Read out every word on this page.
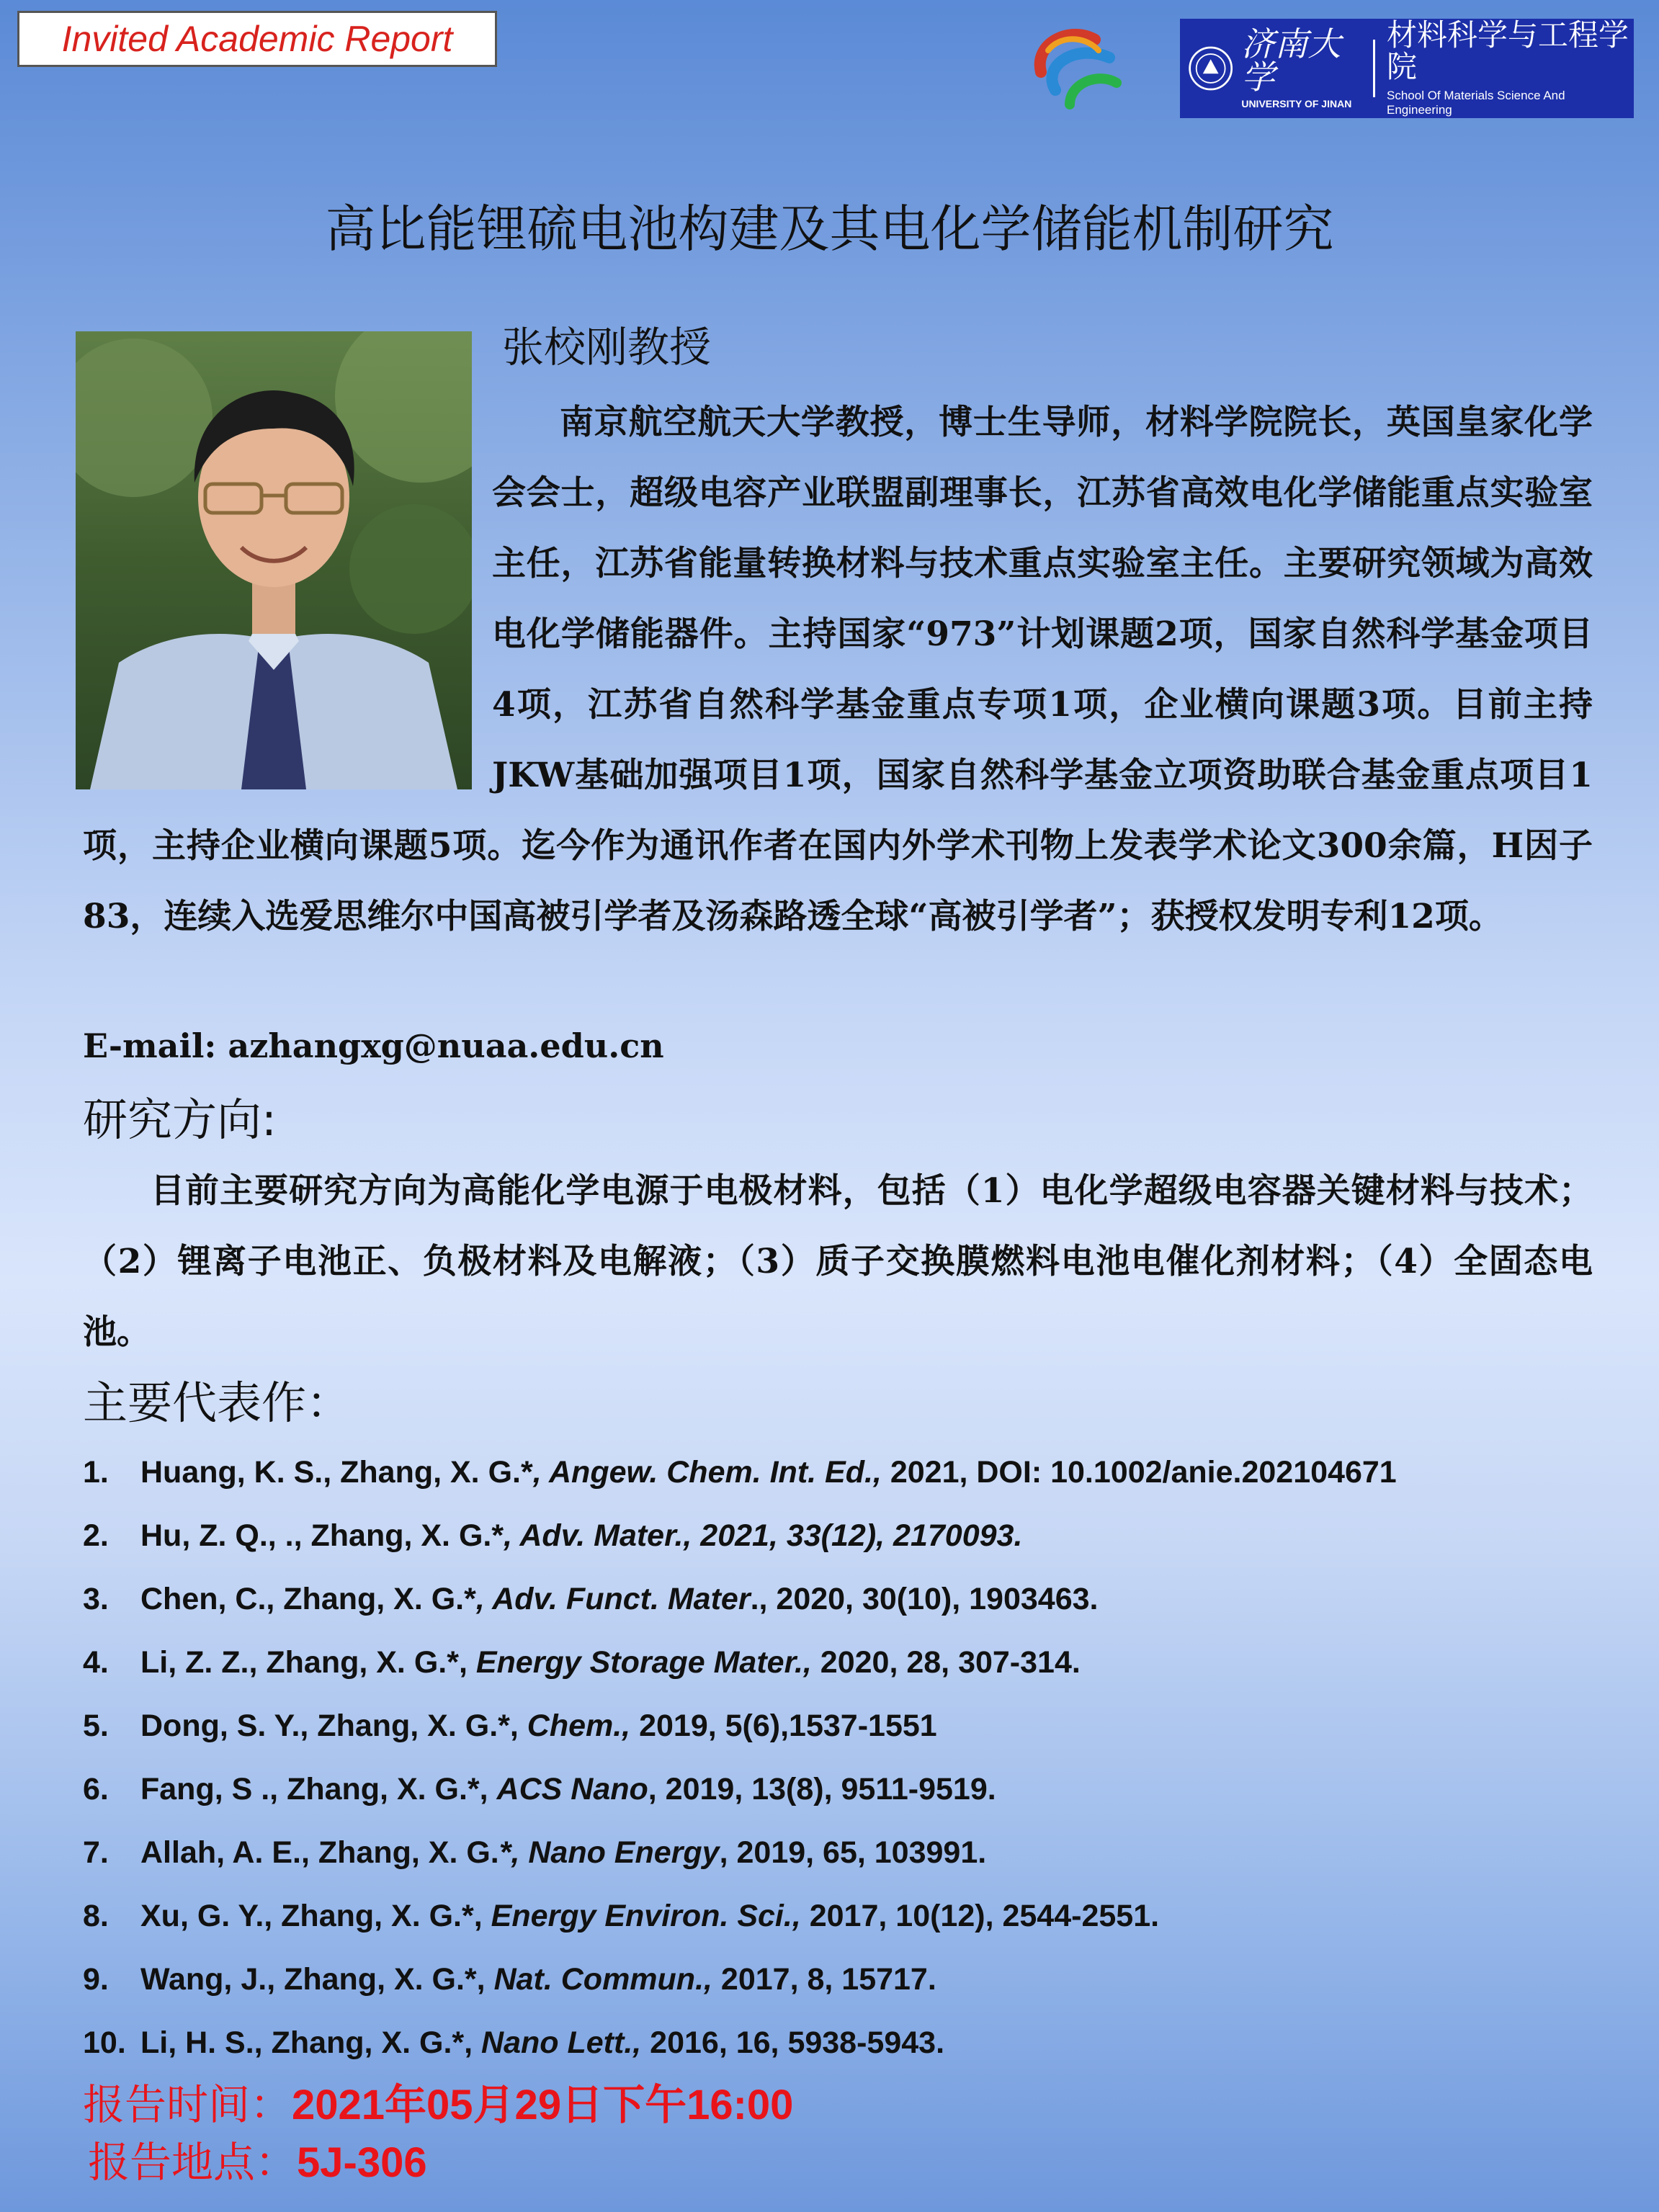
Invited Academic Report	济南大学
UNIVERSITY OF JINAN
材料科学与工程学院
School Of Materials Science And Engineering
高比能锂硫电池构建及其电化学储能机制研究
张校刚教授

南京航空航天大学教授，博士生导师，材料学院院长，英国皇家化学会会士，超级电容产业联盟副理事长，江苏省高效电化学储能重点实验室主任，江苏省能量转换材料与技术重点实验室主任。主要研究领域为高效电化学储能器件。主持国家“973”计划课题2项，国家自然科学基金项目4项，江苏省自然科学基金重点专项1项，企业横向课题3项。目前主持JKW基础加强项目1项，国家自然科学基金立项资助联合基金重点项目1项，主持企业横向课题5项。迄今作为通讯作者在国内外学术刊物上发表学术论文300余篇，H因子83，连续入选爱思维尔中国高被引学者及汤森路透全球“高被引学者”；获授权发明专利12项。

E-mail: azhangxg@nuaa.edu.cn
研究方向:

目前主要研究方向为高能化学电源于电极材料，包括（1）电化学超级电容器关键材料与技术；（2）锂离子电池正、负极材料及电解液；（3）质子交换膜燃料电池电催化剂材料；（4）全固态电池。

主要代表作：
1. Huang, K. S., Zhang, X. G.*, Angew. Chem. Int. Ed., 2021, DOI: 10.1002/anie.202104671
2. Hu, Z. Q., ., Zhang, X. G.*, Adv. Mater., 2021, 33(12), 2170093.
3. Chen, C., Zhang, X. G.*, Adv. Funct. Mater., 2020, 30(10), 1903463.
4. Li, Z. Z., Zhang, X. G.*, Energy Storage Mater., 2020, 28, 307-314.
5. Dong, S. Y., Zhang, X. G.*, Chem., 2019, 5(6),1537-1551
6. Fang, S ., Zhang, X. G.*, ACS Nano, 2019, 13(8), 9511-9519.
7. Allah, A. E., Zhang, X. G.*, Nano Energy, 2019, 65, 103991.
8. Xu, G. Y., Zhang, X. G.*, Energy Environ. Sci., 2017, 10(12), 2544-2551.
9. Wang, J., Zhang, X. G.*, Nat. Commun., 2017, 8, 15717.
10. Li, H. S., Zhang, X. G.*, Nano Lett., 2016, 16, 5938-5943.
报告时间：2021年05月29日下午16:00
报告地点：5J-306
